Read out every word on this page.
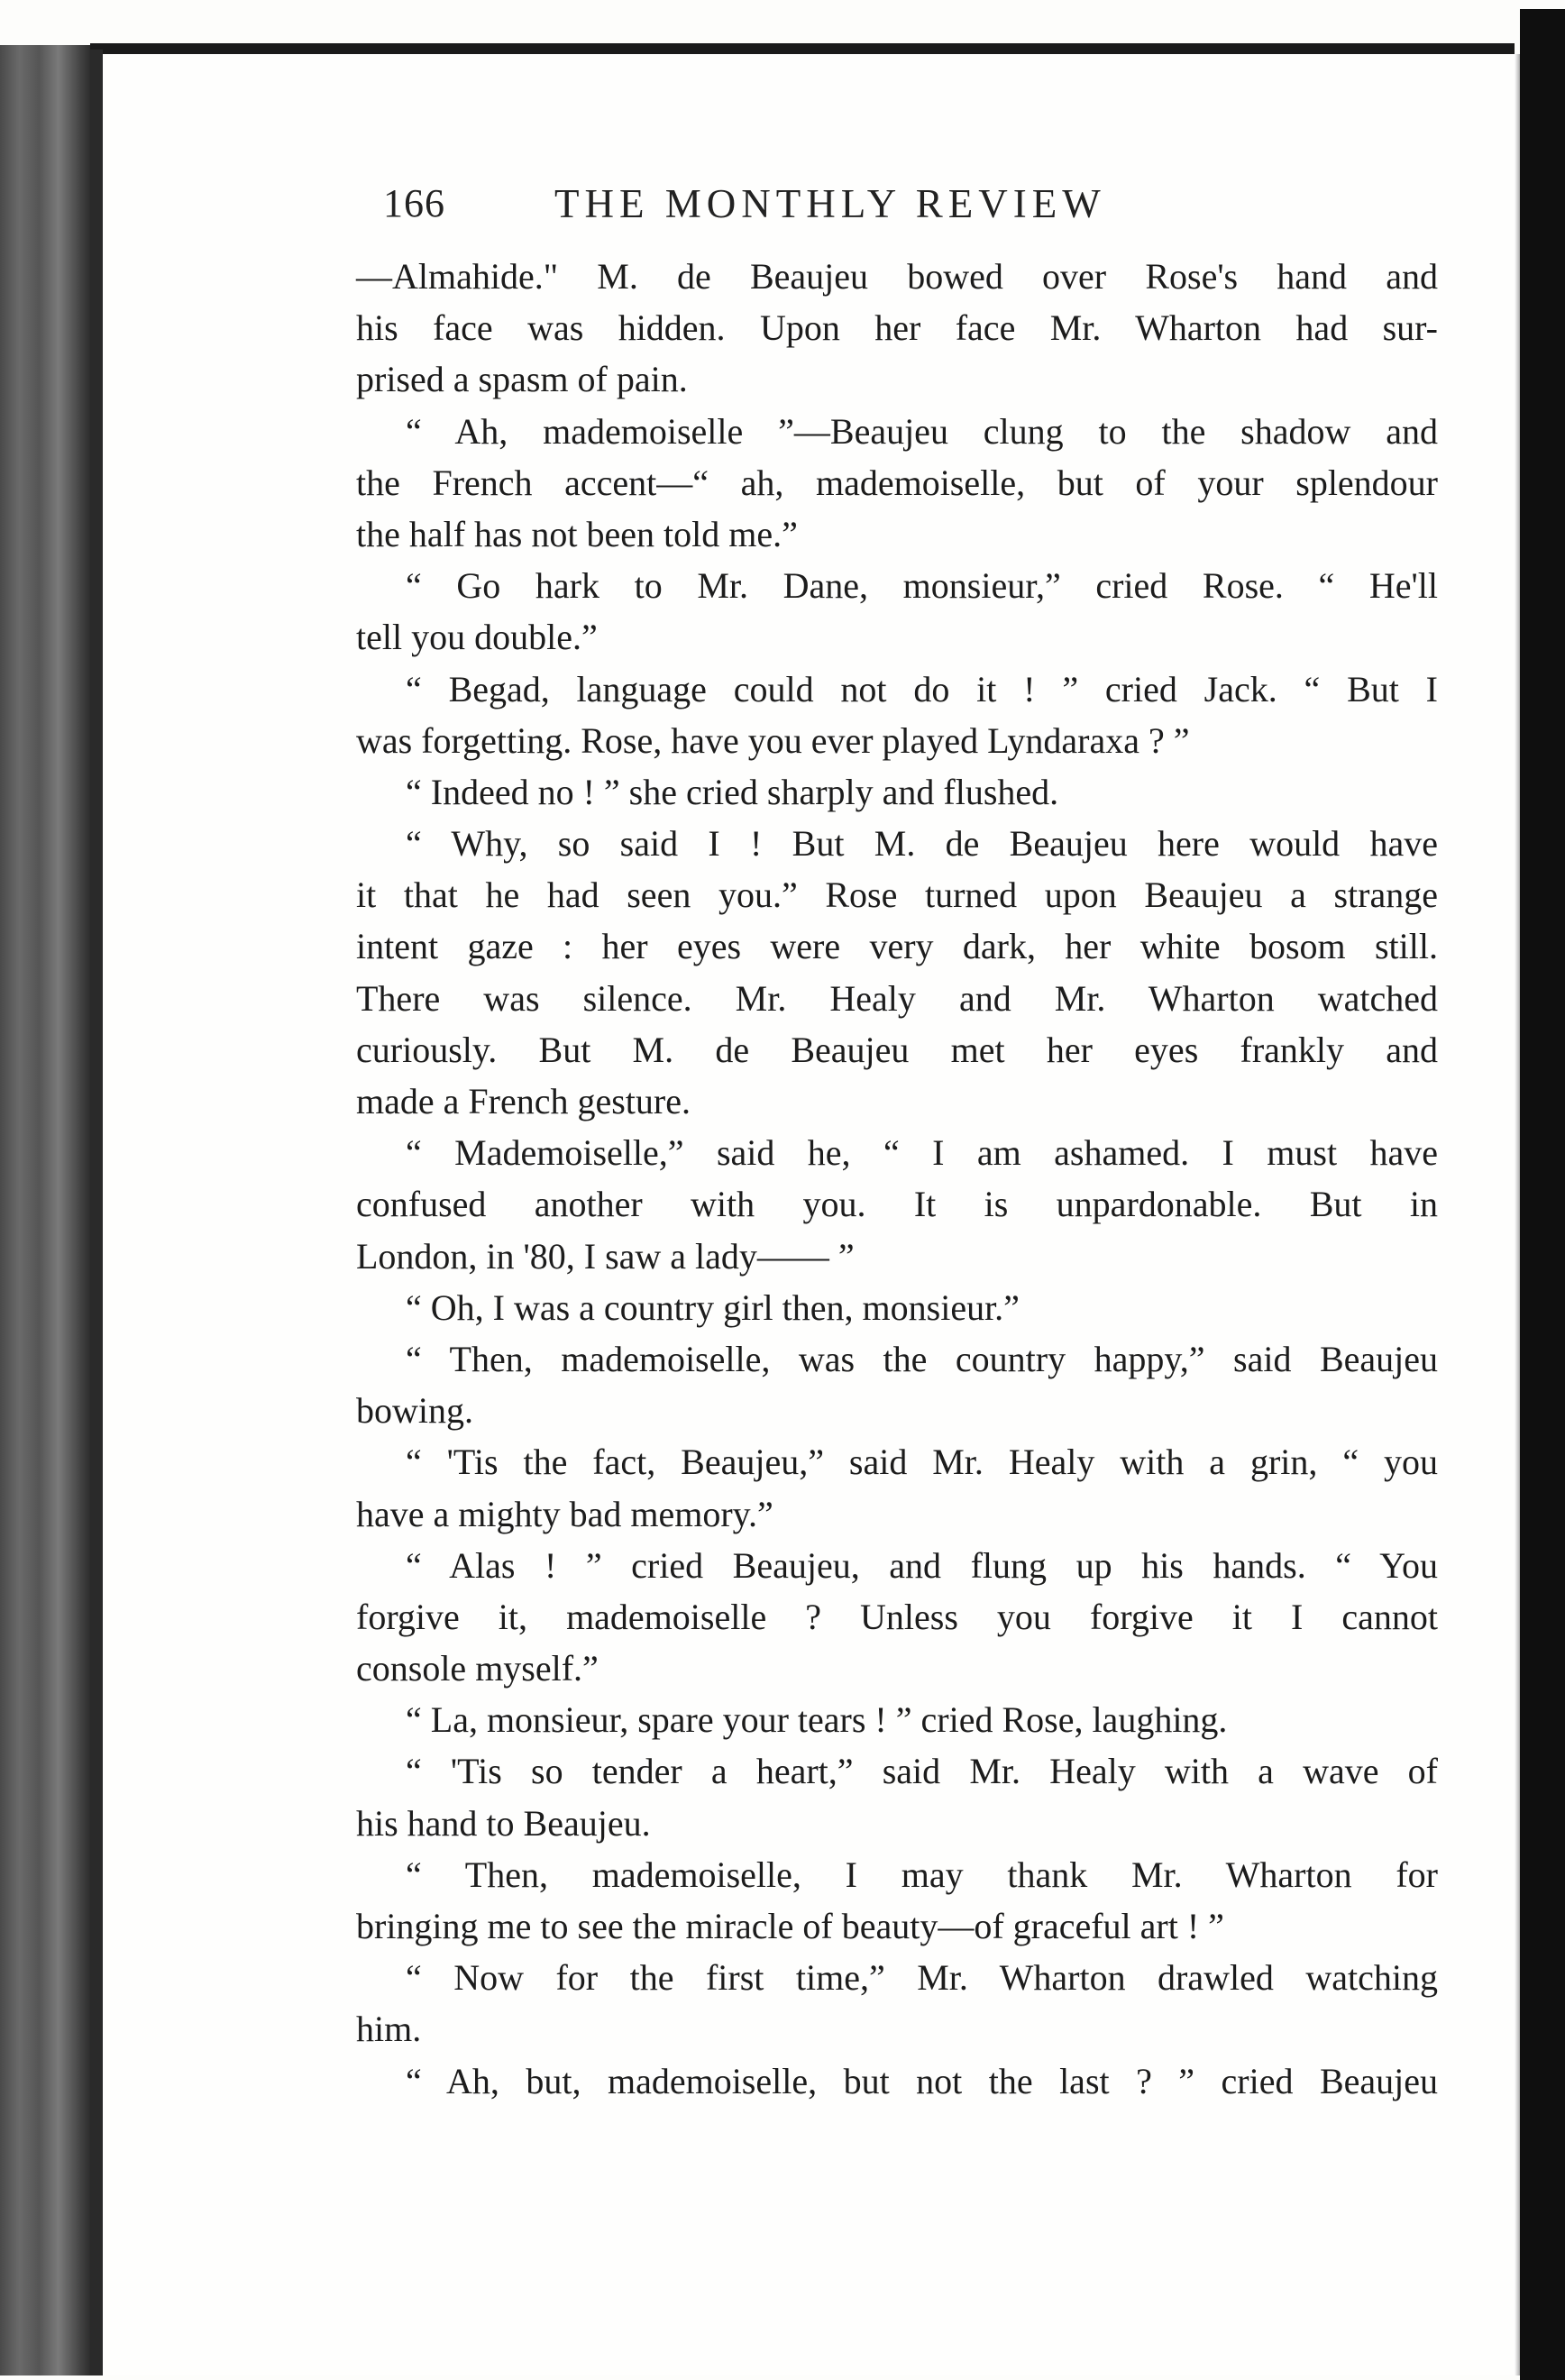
166	THE MONTHLY REVIEW
—Almahide." M. de Beaujeu bowed over Rose's hand and
his face was hidden. Upon her face Mr. Wharton had sur-
prised a spasm of pain.
“ Ah, mademoiselle ”—Beaujeu clung to the shadow and
the French accent—“ ah, mademoiselle, but of your splendour
the half has not been told me.”
“ Go hark to Mr. Dane, monsieur,” cried Rose. “ He'll
tell you double.”
“ Begad, language could not do it ! ” cried Jack. “ But I
was forgetting. Rose, have you ever played Lyndaraxa ? ”
“ Indeed no ! ” she cried sharply and flushed.
“ Why, so said I ! But M. de Beaujeu here would have
it that he had seen you.” Rose turned upon Beaujeu a strange
intent gaze : her eyes were very dark, her white bosom still.
There was silence. Mr. Healy and Mr. Wharton watched
curiously. But M. de Beaujeu met her eyes frankly and
made a French gesture.
“ Mademoiselle,” said he, “ I am ashamed. I must have
confused another with you. It is unpardonable. But in
London, in '80, I saw a lady—— ”
“ Oh, I was a country girl then, monsieur.”
“ Then, mademoiselle, was the country happy,” said Beaujeu
bowing.
“ 'Tis the fact, Beaujeu,” said Mr. Healy with a grin, “ you
have a mighty bad memory.”
“ Alas ! ” cried Beaujeu, and flung up his hands. “ You
forgive it, mademoiselle ? Unless you forgive it I cannot
console myself.”
“ La, monsieur, spare your tears ! ” cried Rose, laughing.
“ 'Tis so tender a heart,” said Mr. Healy with a wave of
his hand to Beaujeu.
“ Then, mademoiselle, I may thank Mr. Wharton for
bringing me to see the miracle of beauty—of graceful art ! ”
“ Now for the first time,” Mr. Wharton drawled watching
him.
“ Ah, but, mademoiselle, but not the last ? ” cried Beaujeu
